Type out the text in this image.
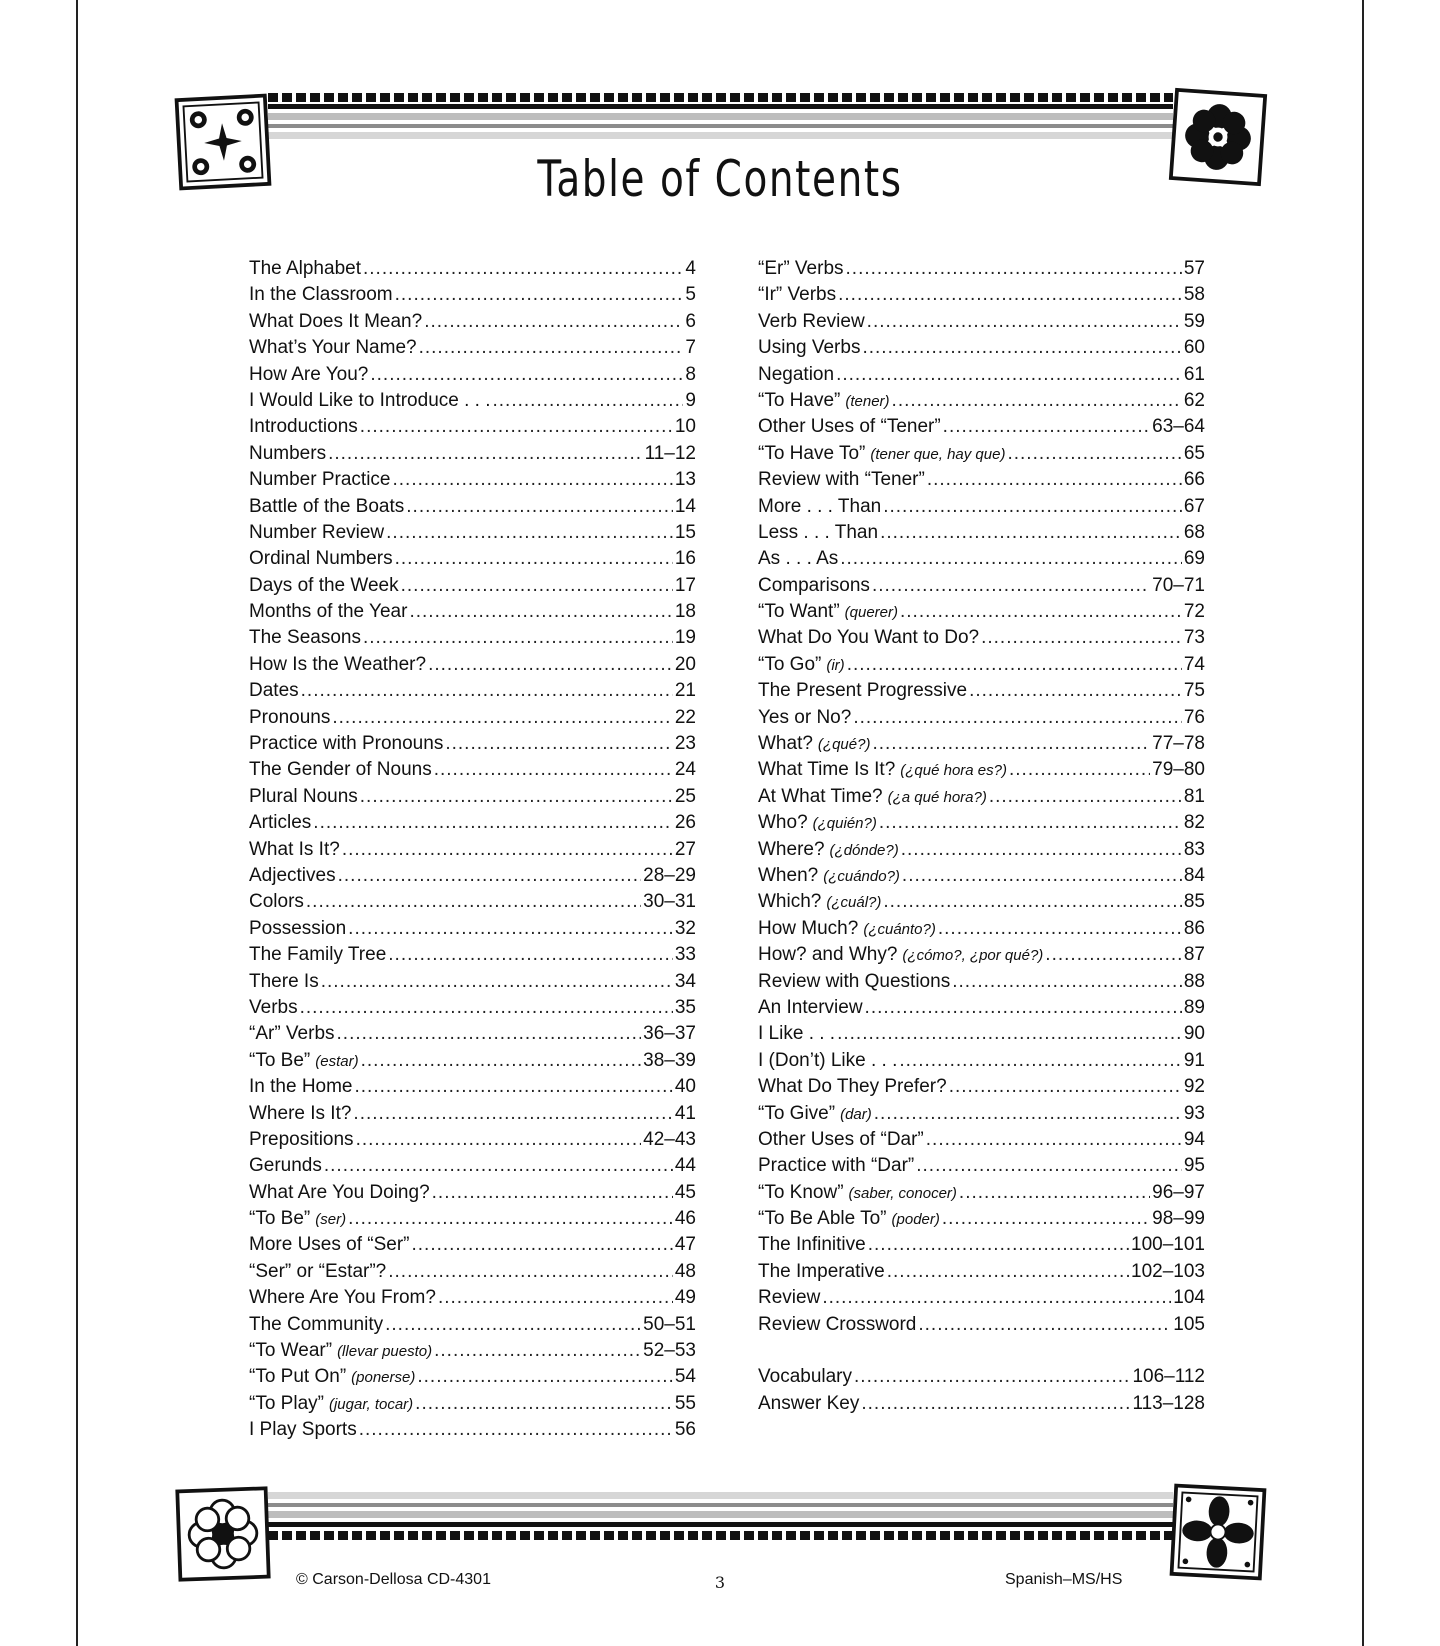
Table of Contents
The Alphabet .....	4
In the Classroom .....	5
What Does It Mean? .....	6
What’s Your Name? .....	7
How Are You? .....	8
I Would Like to Introduce . . . .....	9
Introductions .....	10
Numbers .....	11–12
Number Practice .....	13
Battle of the Boats .....	14
Number Review .....	15
Ordinal Numbers .....	16
Days of the Week .....	17
Months of the Year .....	18
The Seasons .....	19
How Is the Weather? .....	20
Dates .....	21
Pronouns .....	22
Practice with Pronouns .....	23
The Gender of Nouns .....	24
Plural Nouns .....	25
Articles .....	26
What Is It? .....	27
Adjectives .....	28–29
Colors .....	30–31
Possession .....	32
The Family Tree .....	33
There Is .....	34
Verbs .....	35
“Ar” Verbs .....	36–37
“To Be” (estar) .....	38–39
In the Home .....	40
Where Is It? .....	41
Prepositions .....	42–43
Gerunds .....	44
What Are You Doing? .....	45
“To Be” (ser) .....	46
More Uses of “Ser” .....	47
“Ser” or “Estar”? .....	48
Where Are You From? .....	49
The Community .....	50–51
“To Wear” (llevar puesto) .....	52–53
“To Put On” (ponerse) .....	54
“To Play” (jugar, tocar) .....	55
I Play Sports .....	56
“Er” Verbs .....	57
“Ir” Verbs .....	58
Verb Review .....	59
Using Verbs .....	60
Negation .....	61
“To Have” (tener) .....	62
Other Uses of “Tener” .....	63–64
“To Have To” (tener que, hay que) .....	65
Review with “Tener” .....	66
More . . . Than .....	67
Less . . . Than .....	68
As . . . As .....	69
Comparisons .....	70–71
“To Want” (querer) .....	72
What Do You Want to Do? .....	73
“To Go” (ir) .....	74
The Present Progressive .....	75
Yes or No? .....	76
What? (¿qué?) .....	77–78
What Time Is It? (¿qué hora es?) .....	79–80
At What Time? (¿a qué hora?) .....	81
Who? (¿quién?) .....	82
Where? (¿dónde?) .....	83
When? (¿cuándo?) .....	84
Which? (¿cuál?) .....	85
How Much? (¿cuánto?) .....	86
How? and Why? (¿cómo?, ¿por qué?) .....	87
Review with Questions .....	88
An Interview .....	89
I Like . . . .....	90
I (Don’t) Like . . . .....	91
What Do They Prefer? .....	92
“To Give” (dar) .....	93
Other Uses of “Dar” .....	94
Practice with “Dar” .....	95
“To Know” (saber, conocer) .....	96–97
“To Be Able To” (poder) .....	98–99
The Infinitive .....	100–101
The Imperative .....	102–103
Review .....	104
Review Crossword .....	105
Vocabulary .....	106–112
Answer Key .....	113–128
© Carson-Dellosa CD-4301	3	Spanish–MS/HS
